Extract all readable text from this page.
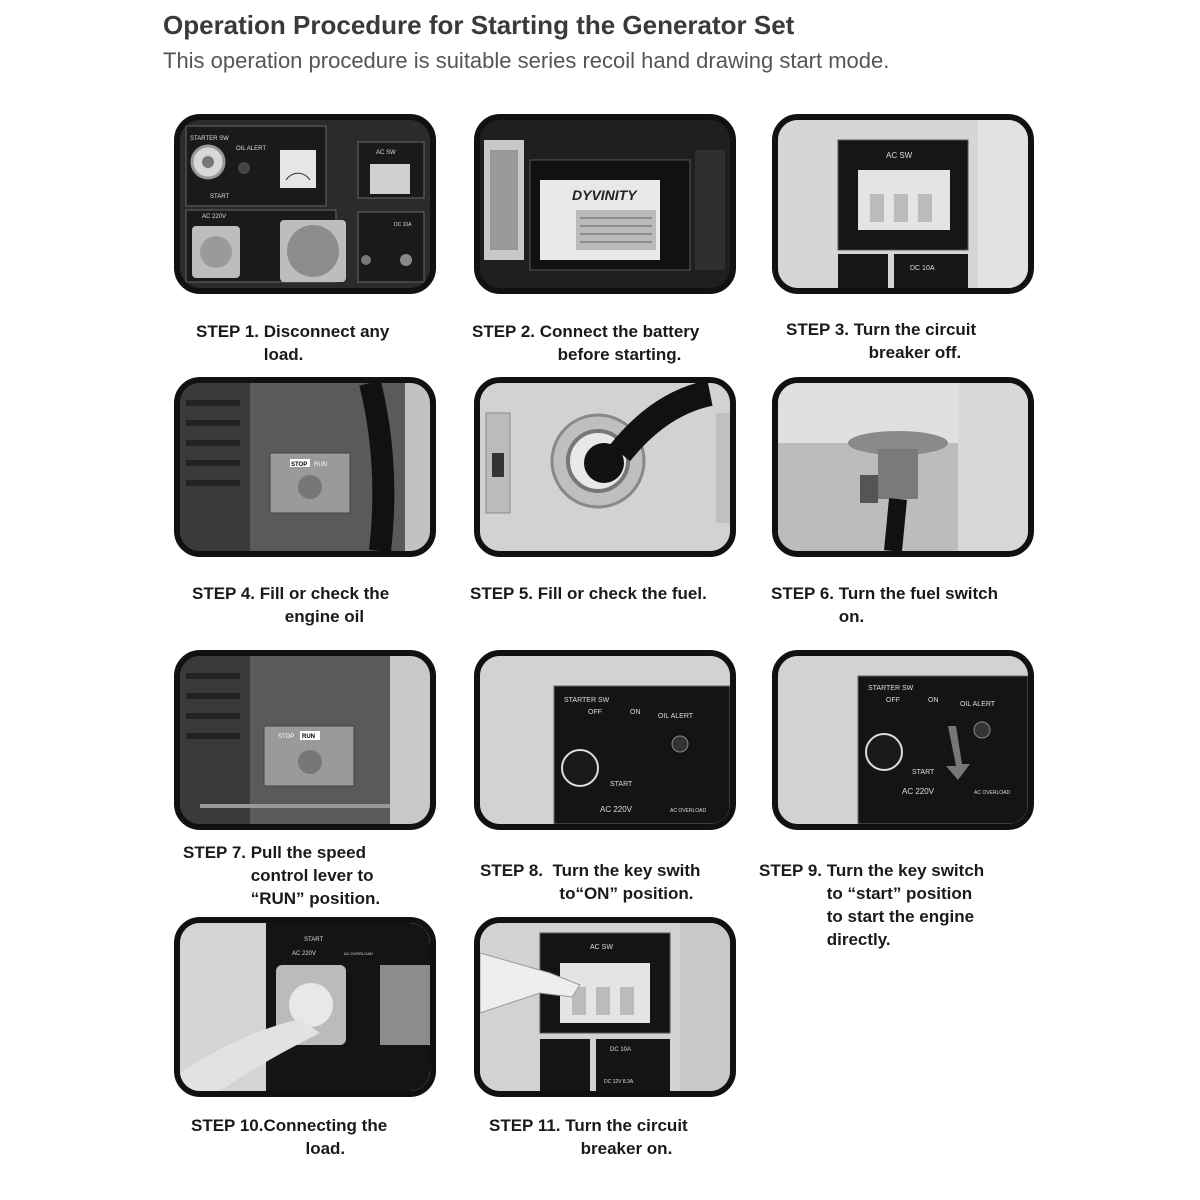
Operation Procedure for Starting the Generator Set

This operation procedure is suitable series recoil hand drawing start mode.

STARTER SW
START
OIL ALERT
AC SW
AC 220V
DC 10A
DYVINITY
AC SW
DC 10A
STEP 1. Disconnect any
load.
STEP 2. Connect the battery
before starting.
STEP 3. Turn the circuit
breaker off.
STOP RUN
STEP 4. Fill or check the
engine oil
STEP 5. Fill or check the fuel.	STEP 6. Turn the fuel switch
on.
STOP RUN
STARTER SW
OFF	ON
START
OIL ALERT
AC 220V	AC OVERLOAD
STARTER SW
OFF	ON
START
OIL ALERT
AC 220V	AC OVERLOAD
STEP 7. Pull the speed
control lever to
“RUN” position.
STEP 8. Turn the key swith
to“ON” position.
STEP 9. Turn the key switch
to “start” position
to start the engine
directly.
START
AC 220V	AC OVERLOAD
AC SW
DC 10A
DC 12V 8.3A
STEP 10. Connecting the
load.
STEP 11. Turn the circuit
breaker on.
